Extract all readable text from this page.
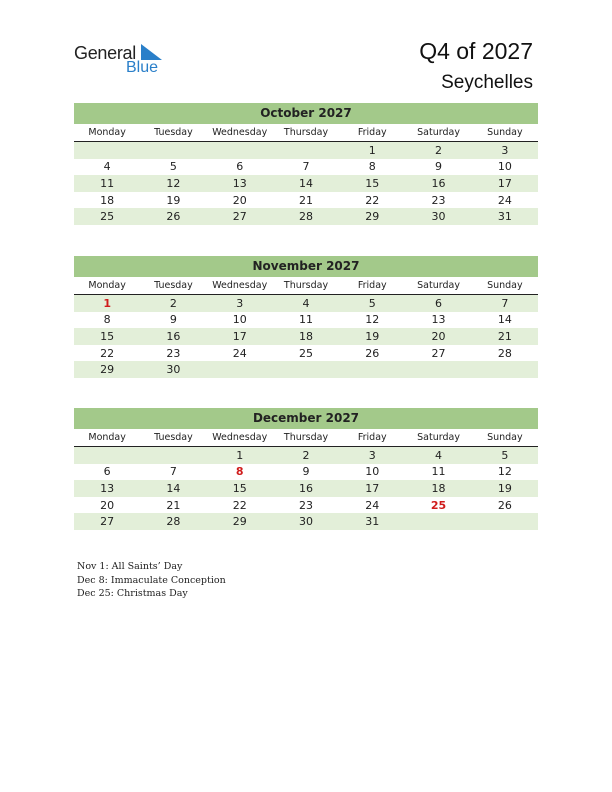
General
Blue
Q4 of 2027
Seychelles
October 2027
Monday	Tuesday	Wednesday	Thursday	Friday	Saturday	Sunday
				1	2	3
4	5	6	7	8	9	10
11	12	13	14	15	16	17
18	19	20	21	22	23	24
25	26	27	28	29	30	31
November 2027
Monday	Tuesday	Wednesday	Thursday	Friday	Saturday	Sunday
1	2	3	4	5	6	7
8	9	10	11	12	13	14
15	16	17	18	19	20	21
22	23	24	25	26	27	28
29	30					
December 2027
Monday	Tuesday	Wednesday	Thursday	Friday	Saturday	Sunday
		1	2	3	4	5
6	7	8	9	10	11	12
13	14	15	16	17	18	19
20	21	22	23	24	25	26
27	28	29	30	31		
Nov 1: All Saints’ Day
Dec 8: Immaculate Conception
Dec 25: Christmas Day
